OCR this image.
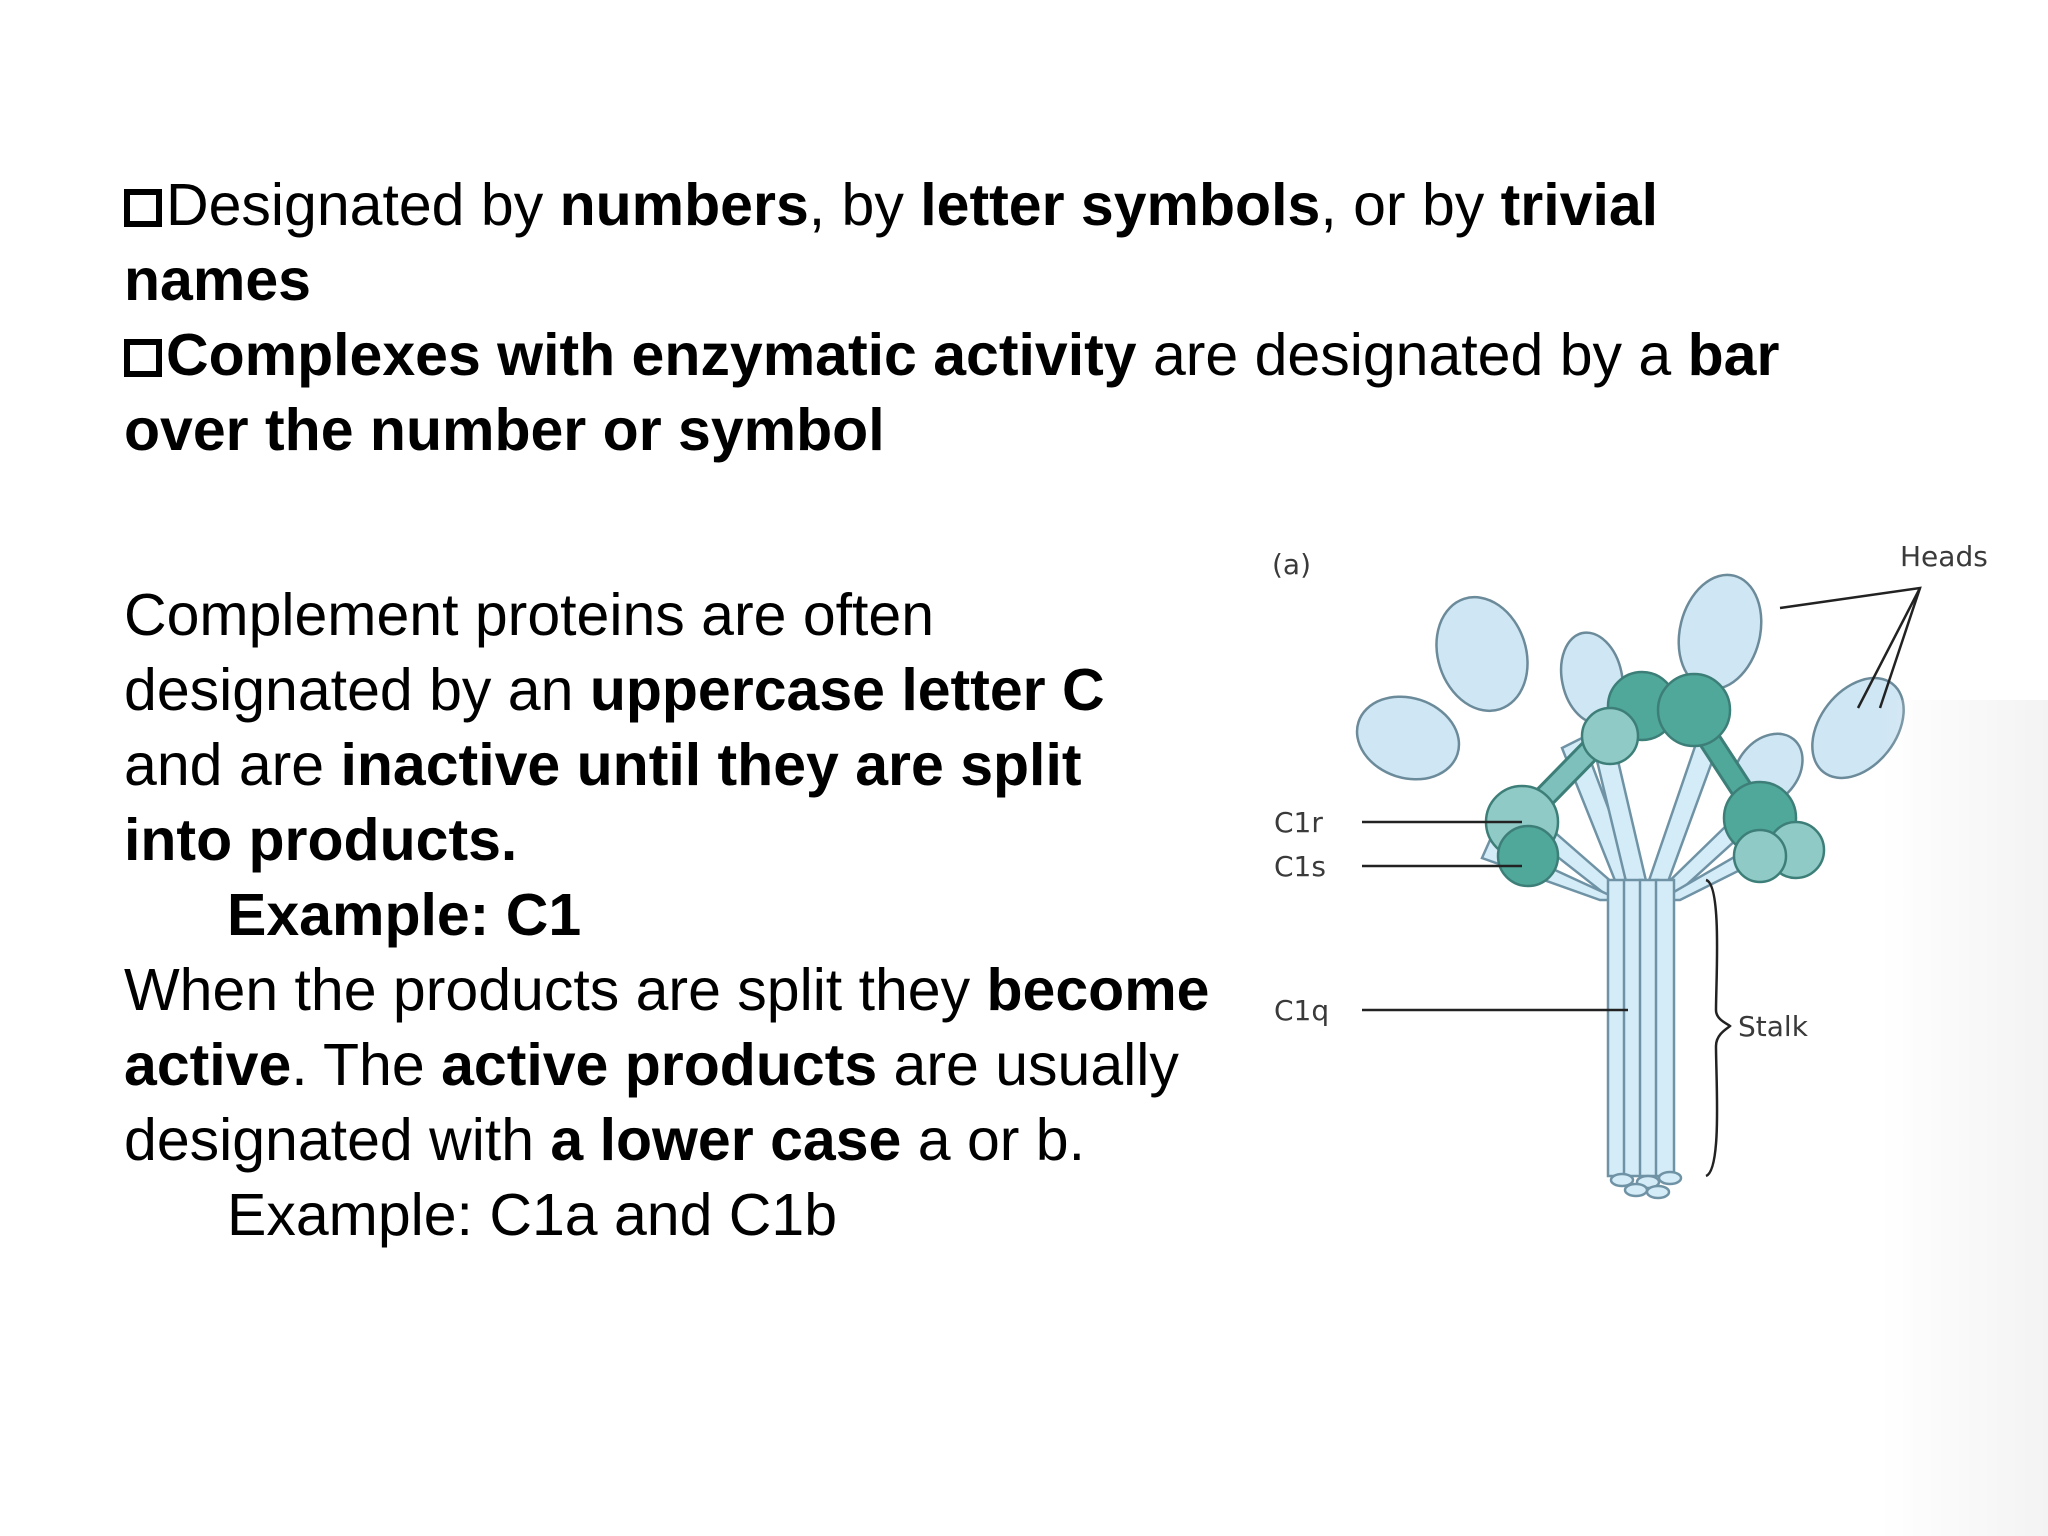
Designated by numbers, by letter symbols, or by trivial names

Complexes with enzymatic activity are designated by a bar over the number or symbol

Complement proteins are often designated by an uppercase letter C and are inactive until they are split into products.

Example: C1

When the products are split they become active. The active products are usually designated with a lower case a or b.

Example: C1a and C1b

(a)	Heads
C1r
C1s
C1q	Stalk
